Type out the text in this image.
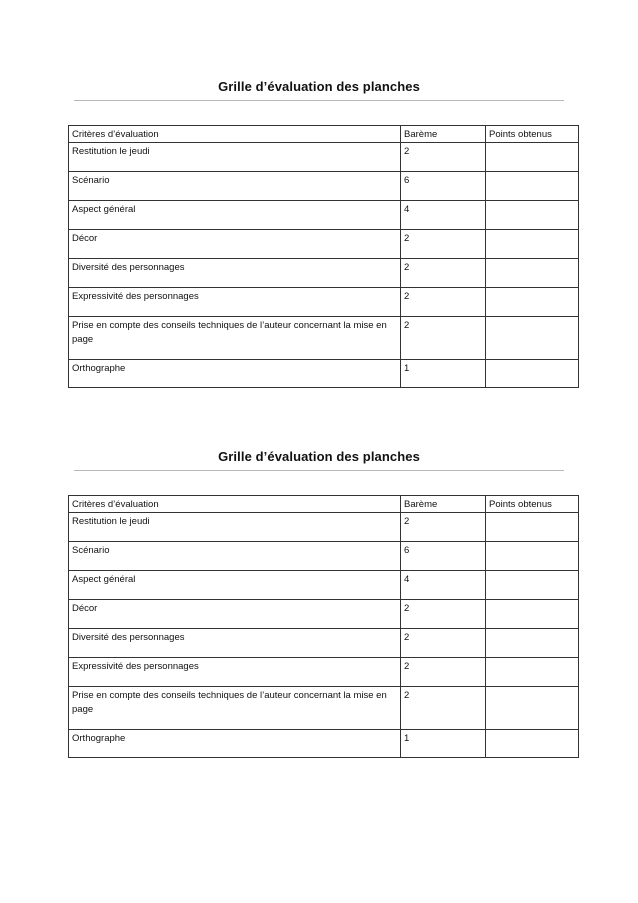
Grille d’évaluation des planches
Critères d’évaluation	Barème	Points obtenus
Restitution le jeudi	2	
Scénario	6	
Aspect général	4	
Décor	2	
Diversité des personnages	2	
Expressivité des personnages	2	
Prise en compte des conseils techniques de l’auteur concernant la mise en page	2	
Orthographe	1	
Grille d’évaluation des planches
Critères d’évaluation	Barème	Points obtenus
Restitution le jeudi	2	
Scénario	6	
Aspect général	4	
Décor	2	
Diversité des personnages	2	
Expressivité des personnages	2	
Prise en compte des conseils techniques de l’auteur concernant la mise en page	2	
Orthographe	1	
